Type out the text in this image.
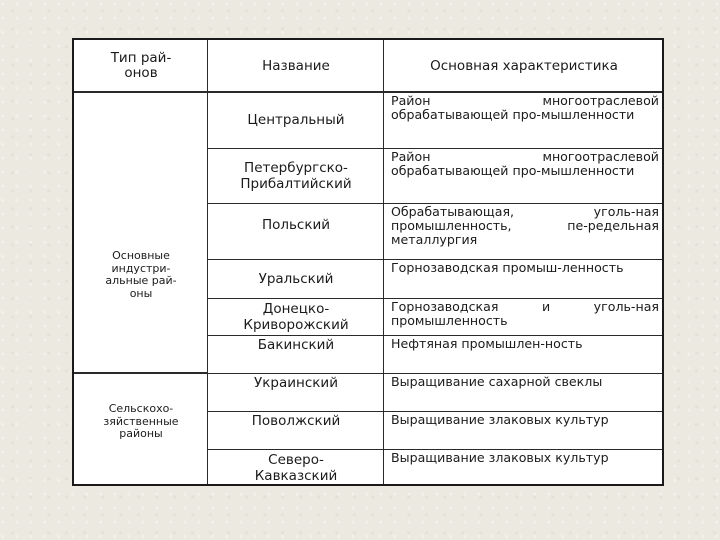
Тип рай-
онов	Название	Основная характеристика
Основные
индустри-
альные рай-
оны
Сельскохо-
зяйственные
районы
Центральный
Петербургско-
Прибалтийский
Польский
Уральский
Донецко-
Криворожский
Бакинский
Украинский
Поволжский
Северо-
Кавказский
Район многоотраслевой обрабатывающей про-мышленности
Район многоотраслевой обрабатывающей про-мышленности
Обрабатывающая, уголь-ная промышленность, пе-редельная металлургия
Горнозаводская промыш-ленность
Горнозаводская и уголь-ная промышленность
Нефтяная промышлен-ность
Выращивание сахарной свеклы
Выращивание злаковых культур
Выращивание злаковых культур
